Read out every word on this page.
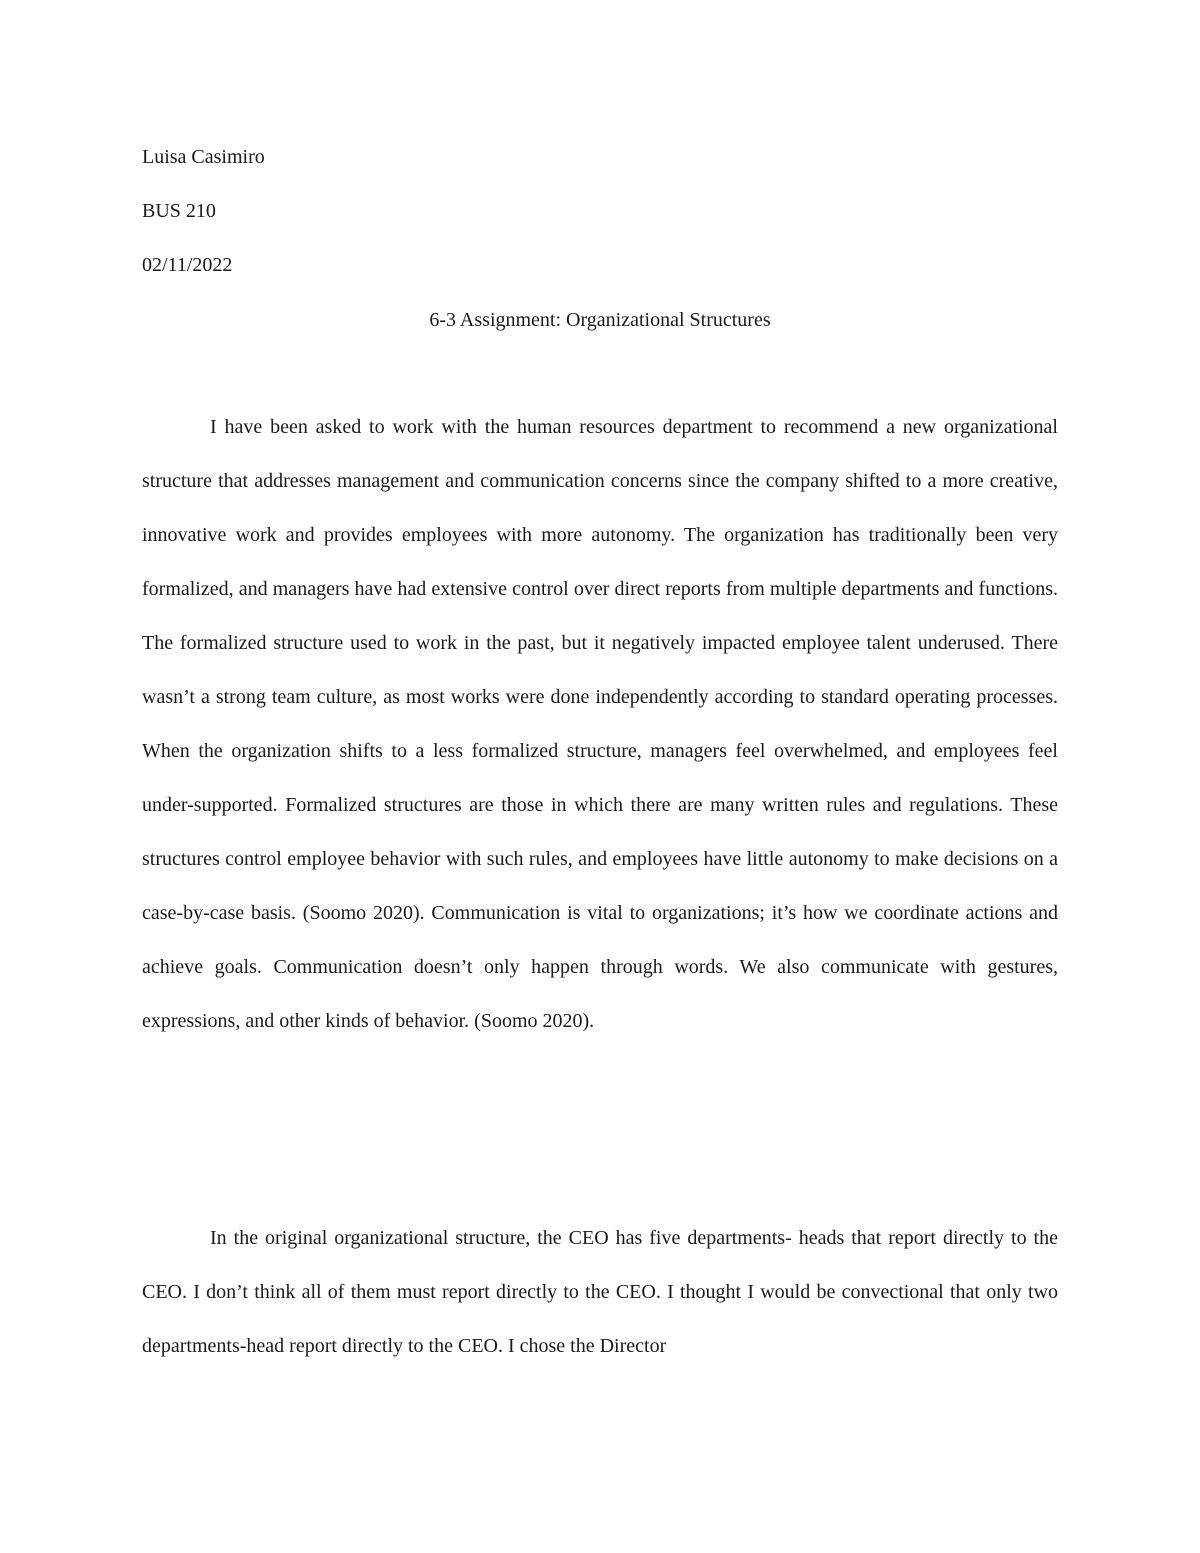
Luisa Casimiro
BUS 210
02/11/2022
6-3 Assignment: Organizational Structures

I have been asked to work with the human resources department to recommend a new organizational structure that addresses management and communication concerns since the company shifted to a more creative, innovative work and provides employees with more autonomy. The organization has traditionally been very formalized, and managers have had extensive control over direct reports from multiple departments and functions. The formalized structure used to work in the past, but it negatively impacted employee talent underused. There wasn’t a strong team culture, as most works were done independently according to standard operating processes. When the organization shifts to a less formalized structure, managers feel overwhelmed, and employees feel under-supported. Formalized structures are those in which there are many written rules and regulations. These structures control employee behavior with such rules, and employees have little autonomy to make decisions on a case-by-case basis. (Soomo 2020). Communication is vital to organizations; it’s how we coordinate actions and achieve goals. Communication doesn’t only happen through words. We also communicate with gestures, expressions, and other kinds of behavior. (Soomo 2020).

In the original organizational structure, the CEO has five departments- heads that report directly to the CEO. I don’t think all of them must report directly to the CEO. I thought I would be convectional that only two departments-head report directly to the CEO. I chose the Director
